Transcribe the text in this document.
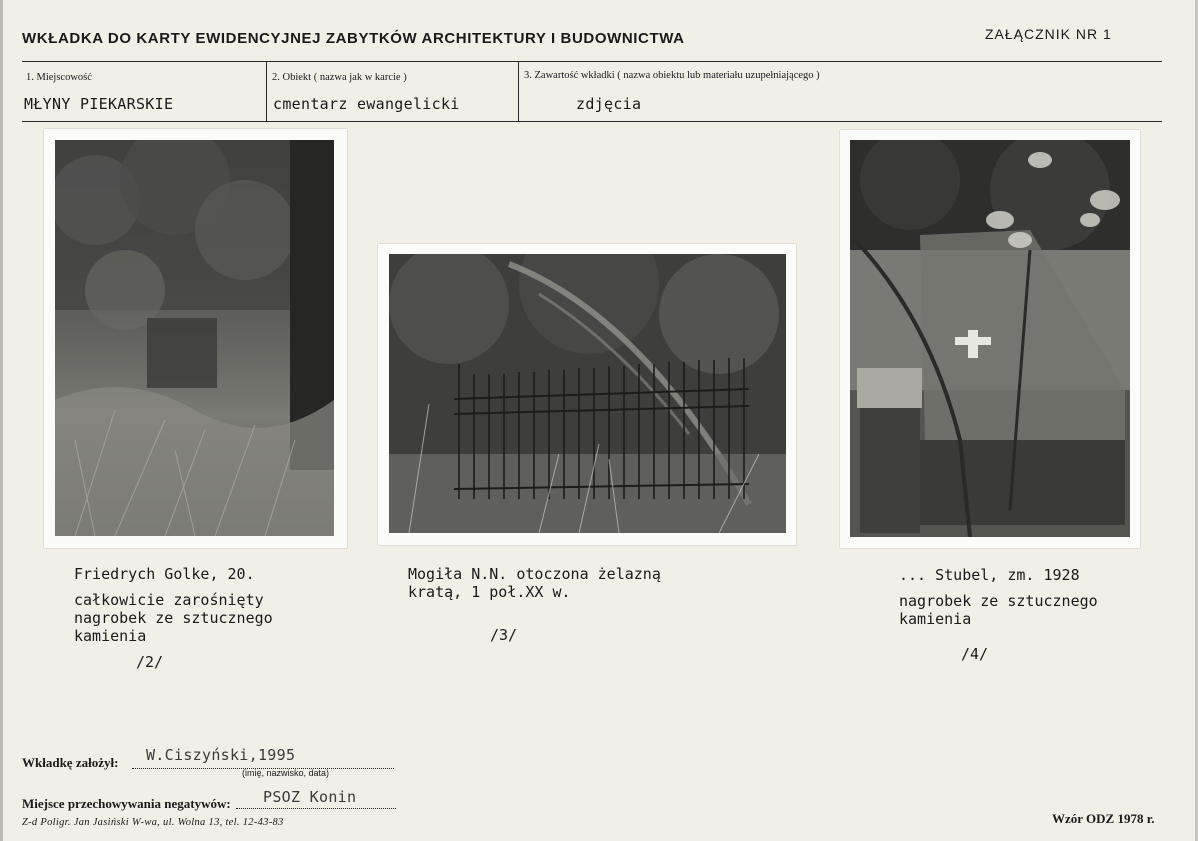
WKŁADKA DO KARTY EWIDENCYJNEJ ZABYTKÓW ARCHITEKTURY I BUDOWNICTWA	ZAŁĄCZNIK NR 1
1. Miejscowość
MŁYNY PIEKARSKIE
2. Obiekt ( nazwa jak w karcie )
cmentarz ewangelicki
3. Zawartość wkładki ( nazwa obiektu lub materiału uzupełniającego )
zdjęcia
Friedrych Golke, 20.
całkowicie zarośnięty
nagrobek ze sztucznego
kamienia
/2/
Mogiła N.N. otoczona żelazną
kratą, 1 poł.XX w.
/3/
... Stubel, zm. 1928
nagrobek ze sztucznego
kamienia
/4/
Wkładkę założył: W.Ciszyński,1995
(imię, nazwisko, data)
Miejsce przechowywania negatywów: PSOZ Konin
Z-d Poligr. Jan Jasiński W-wa, ul. Wolna 13, tel. 12-43-83	Wzór ODZ 1978 r.
